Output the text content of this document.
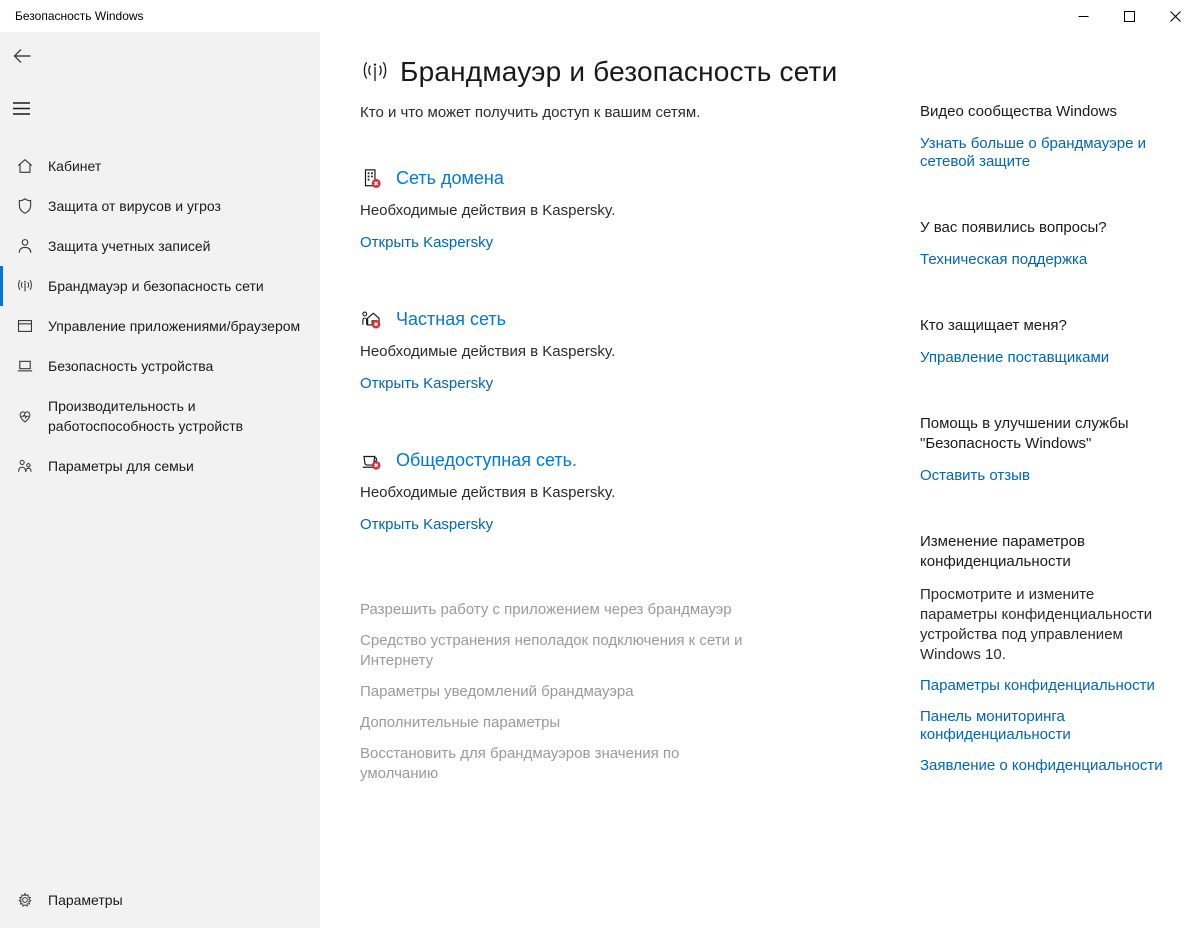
Безопасность Windows
Кабинет
Защита от вирусов и угроз
Защита учетных записей
Брандмауэр и безопасность сети
Управление приложениями/браузером
Безопасность устройства
Производительность и работоспособность устройств
Параметры для семьи
Параметры
Брандмауэр и безопасность сети

Кто и что может получить доступ к вашим сетям.

Сеть домена
Необходимые действия в Kaspersky.
Открыть Kaspersky
Частная сеть
Необходимые действия в Kaspersky.
Открыть Kaspersky
Общедоступная сеть.
Необходимые действия в Kaspersky.
Открыть Kaspersky
Разрешить работу с приложением через брандмауэр
Средство устранения неполадок подключения к сети и Интернету
Параметры уведомлений брандмауэра
Дополнительные параметры
Восстановить для брандмауэров значения по умолчанию
Видео сообщества Windows
Узнать больше о брандмауэре и сетевой защите
У вас появились вопросы?
Техническая поддержка
Кто защищает меня?
Управление поставщиками
Помощь в улучшении службы "Безопасность Windows"
Оставить отзыв
Изменение параметров конфиденциальности
Просмотрите и измените параметры конфиденциальности устройства под управлением Windows 10.
Параметры конфиденциальности
Панель мониторинга конфиденциальности
Заявление о конфиденциальности
